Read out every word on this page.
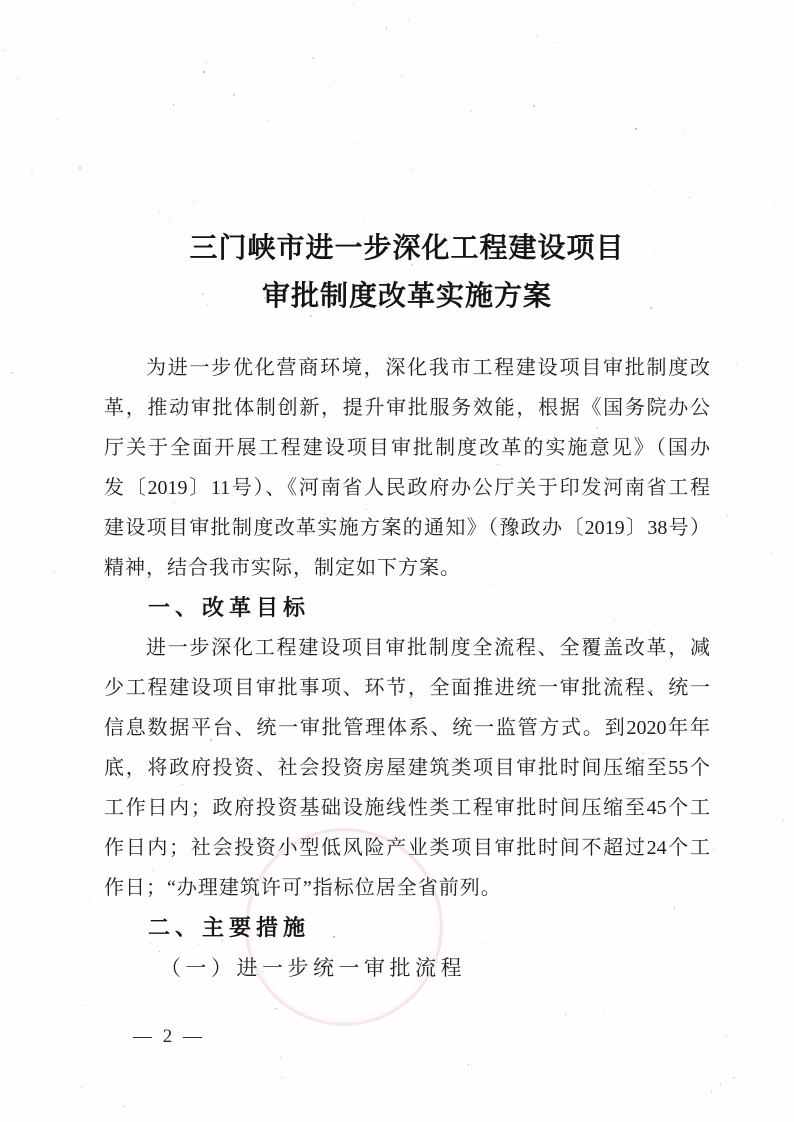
三门峡市进一步深化工程建设项目
审批制度改革实施方案
为进一步优化营商环境，深化我市工程建设项目审批制度改
革，推动审批体制创新，提升审批服务效能，根据《国务院办公
厅关于全面开展工程建设项目审批制度改革的实施意见》（国办
发〔2019〕11号）、《河南省人民政府办公厅关于印发河南省工程
建设项目审批制度改革实施方案的通知》（豫政办〔2019〕38号）
精神，结合我市实际，制定如下方案。
一、改革目标
进一步深化工程建设项目审批制度全流程、全覆盖改革，减
少工程建设项目审批事项、环节，全面推进统一审批流程、统一
信息数据平台、统一审批管理体系、统一监管方式。到2020年年
底，将政府投资、社会投资房屋建筑类项目审批时间压缩至55个
工作日内；政府投资基础设施线性类工程审批时间压缩至45个工
作日内；社会投资小型低风险产业类项目审批时间不超过24个工
作日；“办理建筑许可”指标位居全省前列。
二、主要措施
（一）进一步统一审批流程
— 2 —
